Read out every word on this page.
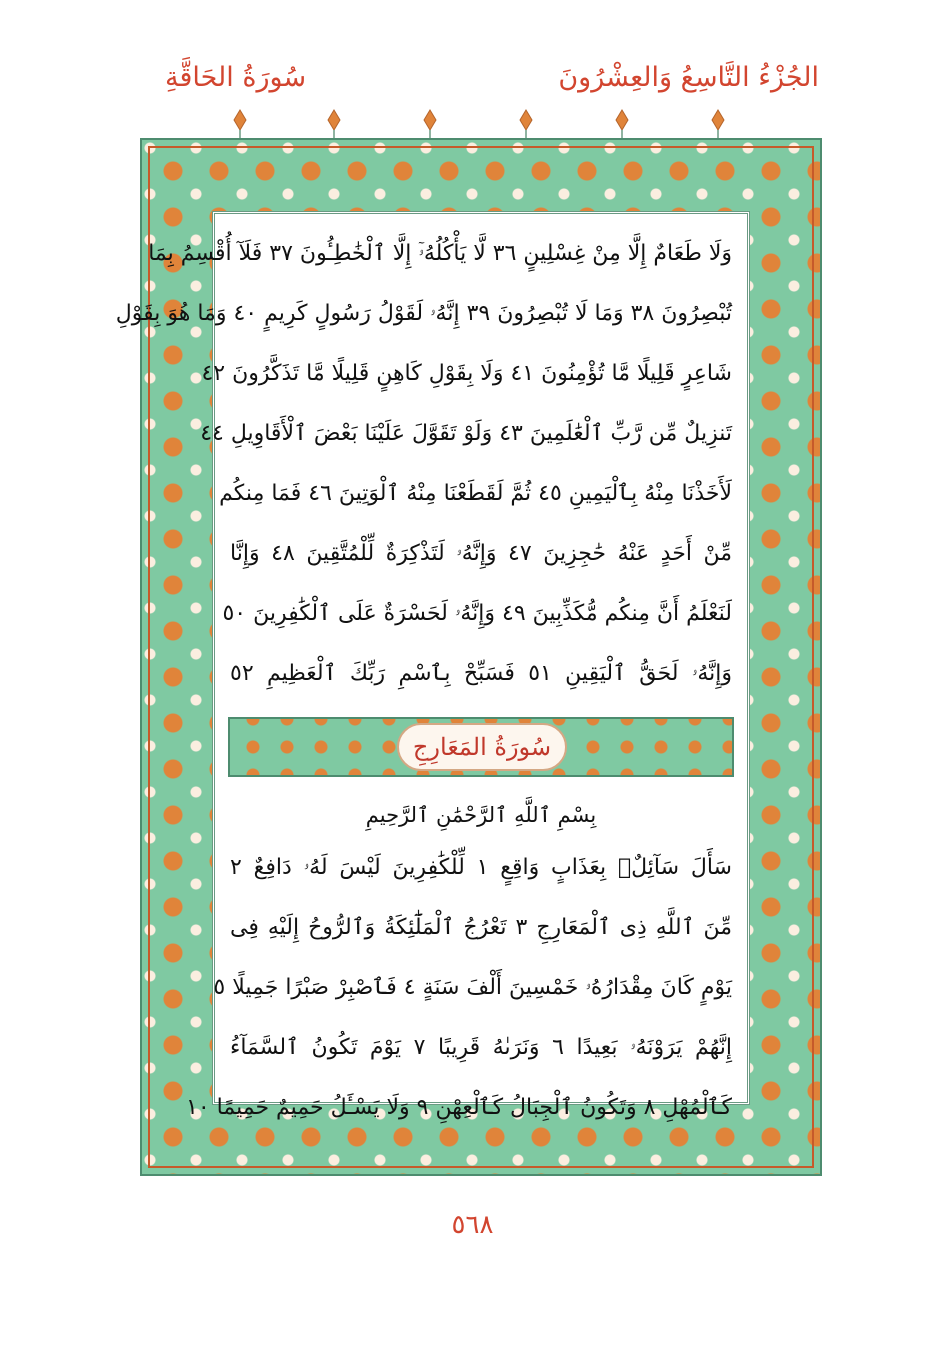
الجُزْءُ التَّاسِعُ وَالعِشْرُونَ
سُورَةُ الحَاقَّةِ
وَلَا طَعَامٌ إِلَّا مِنْ غِسْلِينٍ ٣٦ لَّا يَأْكُلُهُۥٓ إِلَّا ٱلْخَٰطِـُٔونَ ٣٧ فَلَآ أُقْسِمُ بِمَا
تُبْصِرُونَ ٣٨ وَمَا لَا تُبْصِرُونَ ٣٩ إِنَّهُۥ لَقَوْلُ رَسُولٍ كَرِيمٍ ٤٠ وَمَا هُوَ بِقَوْلِ
شَاعِرٍ قَلِيلًا مَّا تُؤْمِنُونَ ٤١ وَلَا بِقَوْلِ كَاهِنٍ قَلِيلًا مَّا تَذَكَّرُونَ ٤٢
تَنزِيلٌ مِّن رَّبِّ ٱلْعَٰلَمِينَ ٤٣ وَلَوْ تَقَوَّلَ عَلَيْنَا بَعْضَ ٱلْأَقَاوِيلِ ٤٤
لَأَخَذْنَا مِنْهُ بِٱلْيَمِينِ ٤٥ ثُمَّ لَقَطَعْنَا مِنْهُ ٱلْوَتِينَ ٤٦ فَمَا مِنكُم
مِّنْ أَحَدٍ عَنْهُ حَٰجِزِينَ ٤٧ وَإِنَّهُۥ لَتَذْكِرَةٌ لِّلْمُتَّقِينَ ٤٨ وَإِنَّا
لَنَعْلَمُ أَنَّ مِنكُم مُّكَذِّبِينَ ٤٩ وَإِنَّهُۥ لَحَسْرَةٌ عَلَى ٱلْكَٰفِرِينَ ٥٠
وَإِنَّهُۥ لَحَقُّ ٱلْيَقِينِ ٥١ فَسَبِّحْ بِٱسْمِ رَبِّكَ ٱلْعَظِيمِ ٥٢
سُورَةُ المَعَارِجِ
بِسْمِ ٱللَّهِ ٱلرَّحْمَٰنِ ٱلرَّحِيمِ
سَأَلَ سَآئِلٌۢ بِعَذَابٍ وَاقِعٍ ١ لِّلْكَٰفِرِينَ لَيْسَ لَهُۥ دَافِعٌ ٢
مِّنَ ٱللَّهِ ذِى ٱلْمَعَارِجِ ٣ تَعْرُجُ ٱلْمَلَٰٓئِكَةُ وَٱلرُّوحُ إِلَيْهِ فِى
يَوْمٍ كَانَ مِقْدَارُهُۥ خَمْسِينَ أَلْفَ سَنَةٍ ٤ فَٱصْبِرْ صَبْرًا جَمِيلًا ٥
إِنَّهُمْ يَرَوْنَهُۥ بَعِيدًا ٦ وَنَرَىٰهُ قَرِيبًا ٧ يَوْمَ تَكُونُ ٱلسَّمَآءُ
كَٱلْمُهْلِ ٨ وَتَكُونُ ٱلْجِبَالُ كَٱلْعِهْنِ ٩ وَلَا يَسْـَٔلُ حَمِيمٌ حَمِيمًا ١٠
٥٦٨
